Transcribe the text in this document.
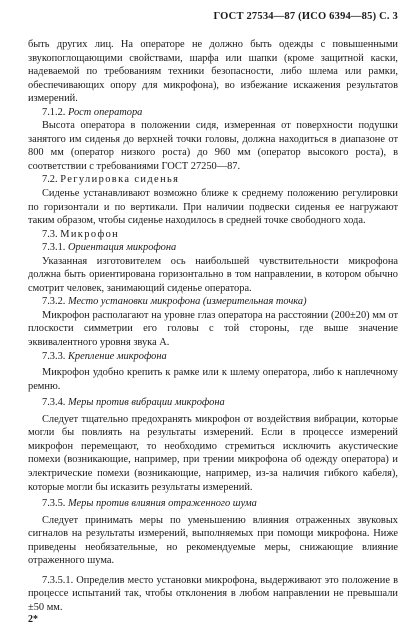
ГОСТ 27534—87 (ИСО 6394—85) С. 3

быть других лиц. На операторе не должно быть одежды с повышенными звукопоглощающими свойствами, шарфа или шапки (кроме защитной каски, надеваемой по требованиям техники безопасности, либо шлема или рамки, обеспечивающих опору для микрофона), во избежание искажения результатов измерений.

7.1.2. Рост оператора

Высота оператора в положении сидя, измеренная от поверхности подушки занятого им сиденья до верхней точки головы, должна находиться в диапазоне от 800 мм (оператор низкого роста) до 960 мм (оператор высокого роста), в соответствии с требованиями ГОСТ 27250—87.

7.2. Регулировка сиденья

Сиденье устанавливают возможно ближе к среднему положению регулировки по горизонтали и по вертикали. При наличии подвески сиденья ее нагружают таким образом, чтобы сиденье находилось в средней точке свободного хода.

7.3. Микрофон
7.3.1. Ориентация микрофона

Указанная изготовителем ось наибольшей чувствительности микрофона должна быть ориентирована горизонтально в том направлении, в котором обычно смотрит человек, занимающий сиденье оператора.

7.3.2. Место установки микрофона (измерительная точка)

Микрофон располагают на уровне глаз оператора на расстоянии (200±20) мм от плоскости симметрии его головы с той стороны, где выше значение эквивалентного уровня звука А.

7.3.3. Крепление микрофона

Микрофон удобно крепить к рамке или к шлему оператора, либо к наплечному ремню.

7.3.4. Меры против вибрации микрофона

Следует тщательно предохранять микрофон от воздействия вибрации, которые могли бы повлиять на результаты измерений. Если в процессе измерений микрофон перемещают, то необходимо стремиться исключить акустические помехи (возникающие, например, при трении микрофона об одежду оператора) и электрические помехи (возникающие, например, из-за наличия гибкого кабеля), которые могли бы исказить результаты измерений.

7.3.5. Меры против влияния отраженного шума

Следует принимать меры по уменьшению влияния отраженных звуковых сигналов на результаты измерений, выполняемых при помощи микрофона. Ниже приведены необязательные, но рекомендуемые меры, снижающие влияние отраженного шума.

7.3.5.1. Определив место установки микрофона, выдерживают это положение в процессе испытаний так, чтобы отклонения в любом направлении не превышали ±50 мм.

2*
